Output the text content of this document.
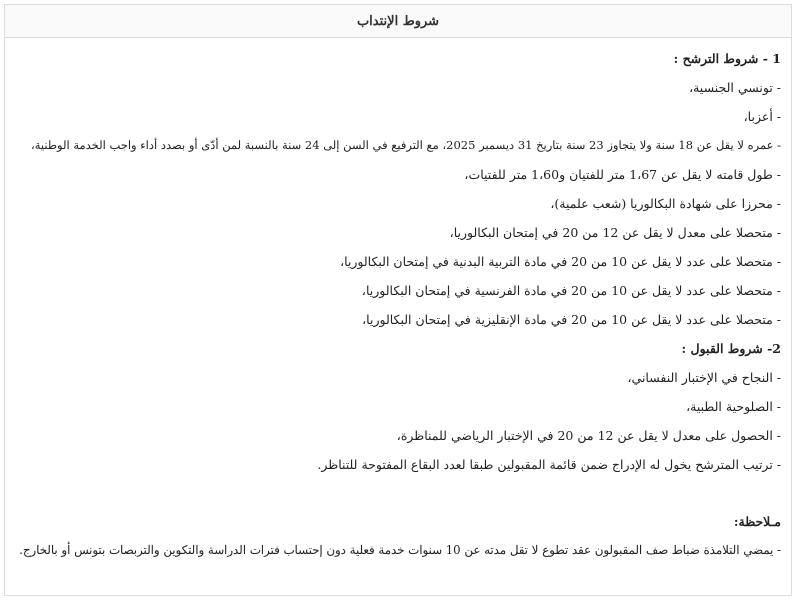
شروط الإنتداب
1 - شروط الترشح :
- تونسي الجنسية،
- أعزبا،
- عمره لا يقل عن 18 سنة ولا يتجاوز 23 سنة بتاريخ 31 ديسمبر 2025، مع الترفيع في السن إلى 24 سنة بالنسبة لمن أدّى أو بصدد أداء واجب الخدمة الوطنية،
- طول قامته لا يقل عن 1،67 متر للفتيان و1،60 متر للفتيات،
- محرزا على شهادة البكالوريا (شعب علمية)،
- متحصلا على معدل لا يقل عن 12 من 20 في إمتحان البكالوريا،
- متحصلا على عدد لا يقل عن 10 من 20 في مادة التربية البدنية في إمتحان البكالوريا،
- متحصلا على عدد لا يقل عن 10 من 20 في مادة الفرنسية في إمتحان البكالوريا،
- متحصلا على عدد لا يقل عن 10 من 20 في مادة الإنقليزية في إمتحان البكالوريا،
2- شروط القبول :
- النجاح في الإختبار النفساني،
- الصلوحية الطبية،
- الحصول على معدل لا يقل عن 12 من 20 في الإختبار الرياضي للمناظرة،
- ترتيب المترشح يخول له الإدراج ضمن قائمة المقبولين طبقا لعدد البقاع المفتوحة للتناظر.
مـلاحظة:
- يمضي التلامذة ضباط صف المقبولون عقد تطوع لا تقل مدته عن 10 سنوات خدمة فعلية دون إحتساب فترات الدراسة والتكوين والتربصات بتونس أو بالخارج.
